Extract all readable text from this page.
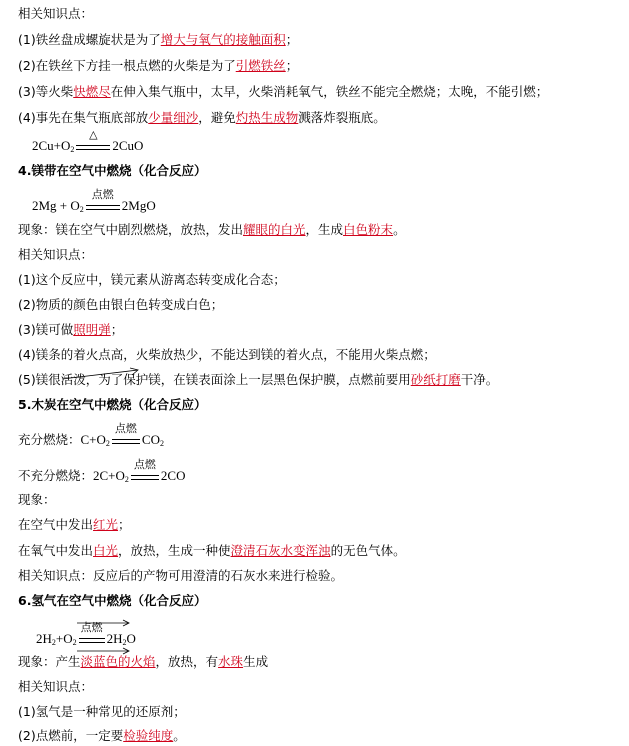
相关知识点：
(1)铁丝盘成螺旋状是为了增大与氧气的接触面积；
(2)在铁丝下方挂一根点燃的火柴是为了引燃铁丝；
(3)等火柴快燃尽在伸入集气瓶中，太早，火柴消耗氧气，铁丝不能完全燃烧；太晚，不能引燃；
(4)事先在集气瓶底部放少量细沙，避免灼热生成物溅落炸裂瓶底。
$2Cu+O_2$
△
2CuO
4.镁带在空气中燃烧（化合反应）
$2Mg + O_2$
点燃
2MgO
现象：镁在空气中剧烈燃烧，放热，发出耀眼的白光，生成白色粉末。
相关知识点：
(1)这个反应中，镁元素从游离态转变成化合态；
(2)物质的颜色由银白色转变成白色；
(3)镁可做照明弹；
(4)镁条的着火点高，火柴放热少，不能达到镁的着火点，不能用火柴点燃；
(5)镁很活泼，为了保护镁，在镁表面涂上一层黑色保护膜，点燃前要用砂纸打磨干净。
5.木炭在空气中燃烧（化合反应）
充分燃烧：$C+O_2$
点燃
$CO_2$
不充分燃烧：$2C+O_2$
点燃
2CO
现象：
在空气中发出红光；
在氧气中发出白光，放热，生成一种使澄清石灰水变浑浊的无色气体。
相关知识点：反应后的产物可用澄清的石灰水来进行检验。
6.氢气在空气中燃烧（化合反应）
$2H_2+O_2$
点燃
$2H_2O$
现象：产生淡蓝色的火焰，放热，有水珠生成
相关知识点：
(1)氢气是一种常见的还原剂；
(2)点燃前，一定要检验纯度。
